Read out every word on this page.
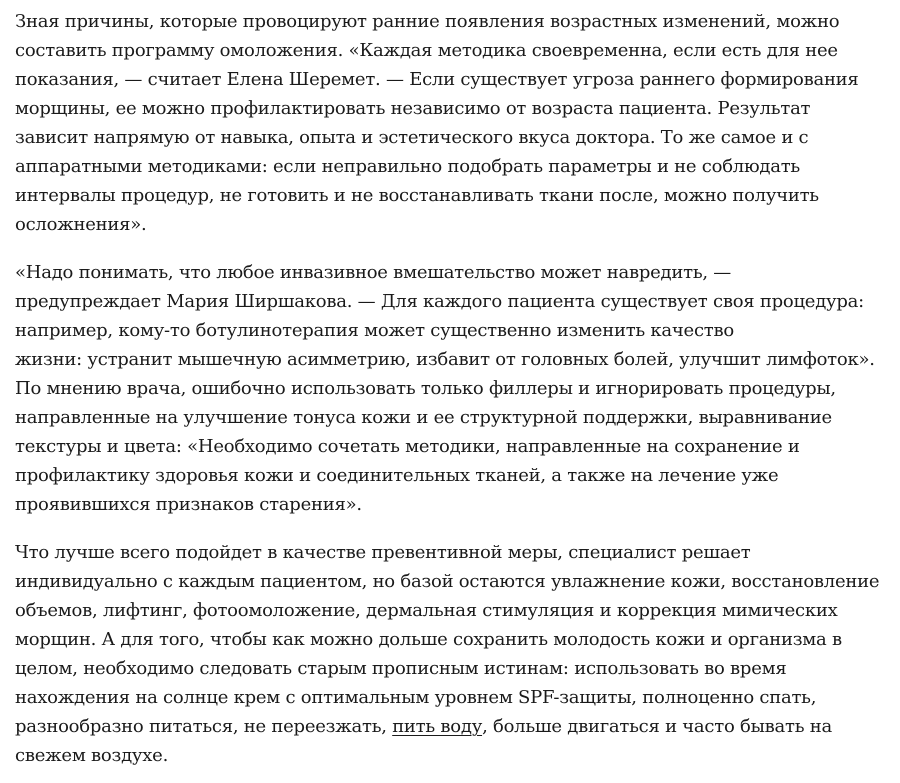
Зная причины, которые провоцируют ранние появления возрастных изменений, можно
составить программу омоложения. «Каждая методика своевременна, если есть для нее
показания, — считает Елена Шеремет. — Если существует угроза раннего формирования
морщины, ее можно профилактировать независимо от возраста пациента. Результат
зависит напрямую от навыка, опыта и эстетического вкуса доктора. То же самое и с
аппаратными методиками: если неправильно подобрать параметры и не соблюдать
интервалы процедур, не готовить и не восстанавливать ткани после, можно получить
осложнения».

«Надо понимать, что любое инвазивное вмешательство может навредить, —
предупреждает Мария Ширшакова. — Для каждого пациента существует своя процедура:
например, кому-то ботулинотерапия может существенно изменить качество
жизни: устранит мышечную асимметрию, избавит от головных болей, улучшит лимфоток».
По мнению врача, ошибочно использовать только филлеры и игнорировать процедуры,
направленные на улучшение тонуса кожи и ее структурной поддержки, выравнивание
текстуры и цвета: «Необходимо сочетать методики, направленные на сохранение и
профилактику здоровья кожи и соединительных тканей, а также на лечение уже
проявившихся признаков старения».

Что лучше всего подойдет в качестве превентивной меры, специалист решает
индивидуально с каждым пациентом, но базой остаются увлажнение кожи, восстановление
объемов, лифтинг, фотоомоложение, дермальная стимуляция и коррекция мимических
морщин. А для того, чтобы как можно дольше сохранить молодость кожи и организма в
целом, необходимо следовать старым прописным истинам: использовать во время
нахождения на солнце крем с оптимальным уровнем SPF-защиты, полноценно спать,
разнообразно питаться, не переезжать, пить воду, больше двигаться и часто бывать на
свежем воздухе.
